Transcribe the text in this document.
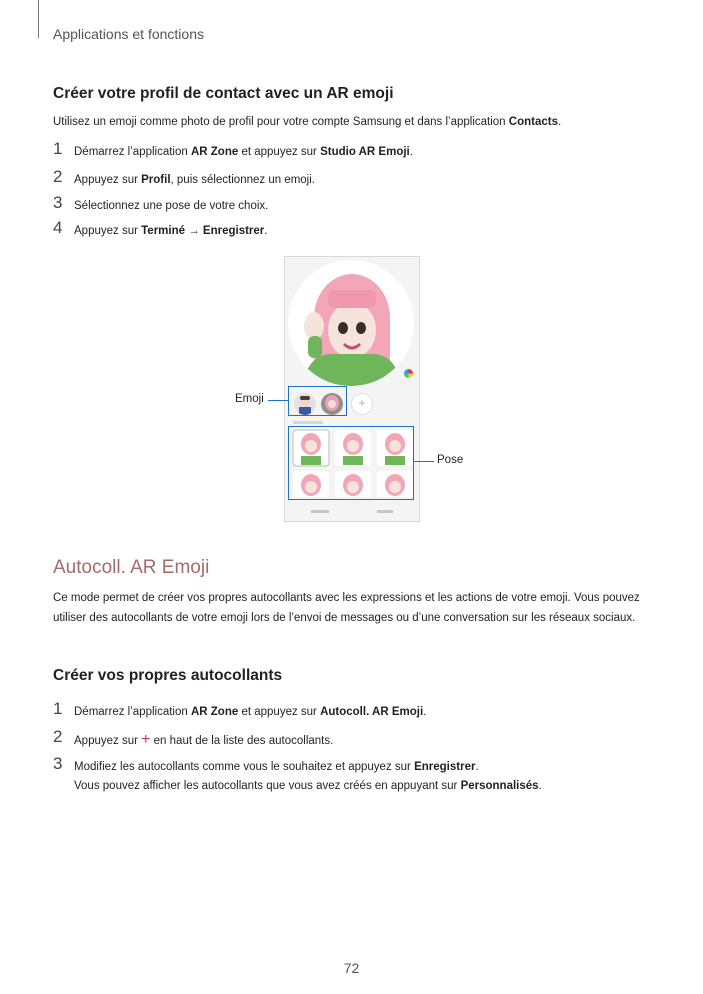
Applications et fonctions
Créer votre profil de contact avec un AR emoji

Utilisez un emoji comme photo de profil pour votre compte Samsung et dans l’application Contacts.

1 Démarrez l’application AR Zone et appuyez sur Studio AR Emoji.
2 Appuyez sur Profil, puis sélectionnez un emoji.
3 Sélectionnez une pose de votre choix.
4 Appuyez sur Terminé → Enregistrer.
+
Emoji
Pose
Autocoll. AR Emoji

Ce mode permet de créer vos propres autocollants avec les expressions et les actions de votre emoji. Vous pouvez utiliser des autocollants de votre emoji lors de l’envoi de messages ou d’une conversation sur les réseaux sociaux.

Créer vos propres autocollants
1 Démarrez l’application AR Zone et appuyez sur Autocoll. AR Emoji.
2 Appuyez sur + en haut de la liste des autocollants.
3 Modifiez les autocollants comme vous le souhaitez et appuyez sur Enregistrer.
Vous pouvez afficher les autocollants que vous avez créés en appuyant sur Personnalisés.
72
